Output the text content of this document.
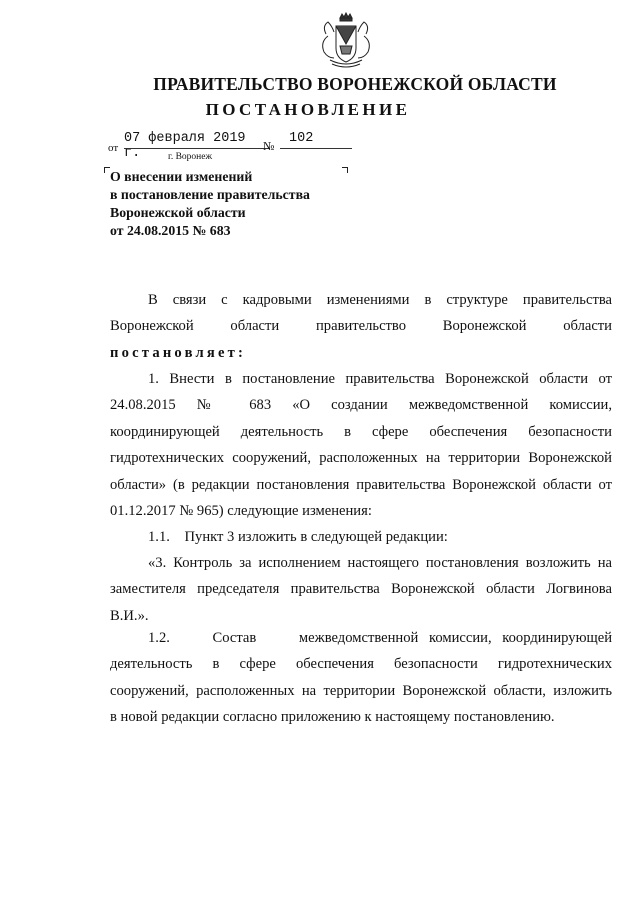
ПРАВИТЕЛЬСТВО ВОРОНЕЖСКОЙ ОБЛАСТИ
ПОСТАНОВЛЕНИЕ
от
07 февраля 2019 г.	№ 102
г. Воронеж
О внесении изменений
в постановление правительства
Воронежской области
от 24.08.2015 № 683
В связи с кадровыми изменениями в структуре правительства
Воронежской области правительство Воронежской области
постановляет:
1. Внести в постановление правительства Воронежской области от
24.08.2015 № 683 «О создании межведомственной комиссии,
координирующей деятельность в сфере обеспечения безопасности
гидротехнических сооружений, расположенных на территории Воронежской
области» (в редакции постановления правительства Воронежской области от
01.12.2017 № 965) следующие изменения:
1.1.    Пункт 3 изложить в следующей редакции:
«3. Контроль за исполнением настоящего постановления возложить на
заместителя председателя правительства Воронежской области Логвинова
В.И.».
1.2.    Состав    межведомственной комиссии, координирующей
деятельность в сфере обеспечения безопасности гидротехнических
сооружений, расположенных на территории Воронежской области, изложить
в новой редакции согласно приложению к настоящему постановлению.
